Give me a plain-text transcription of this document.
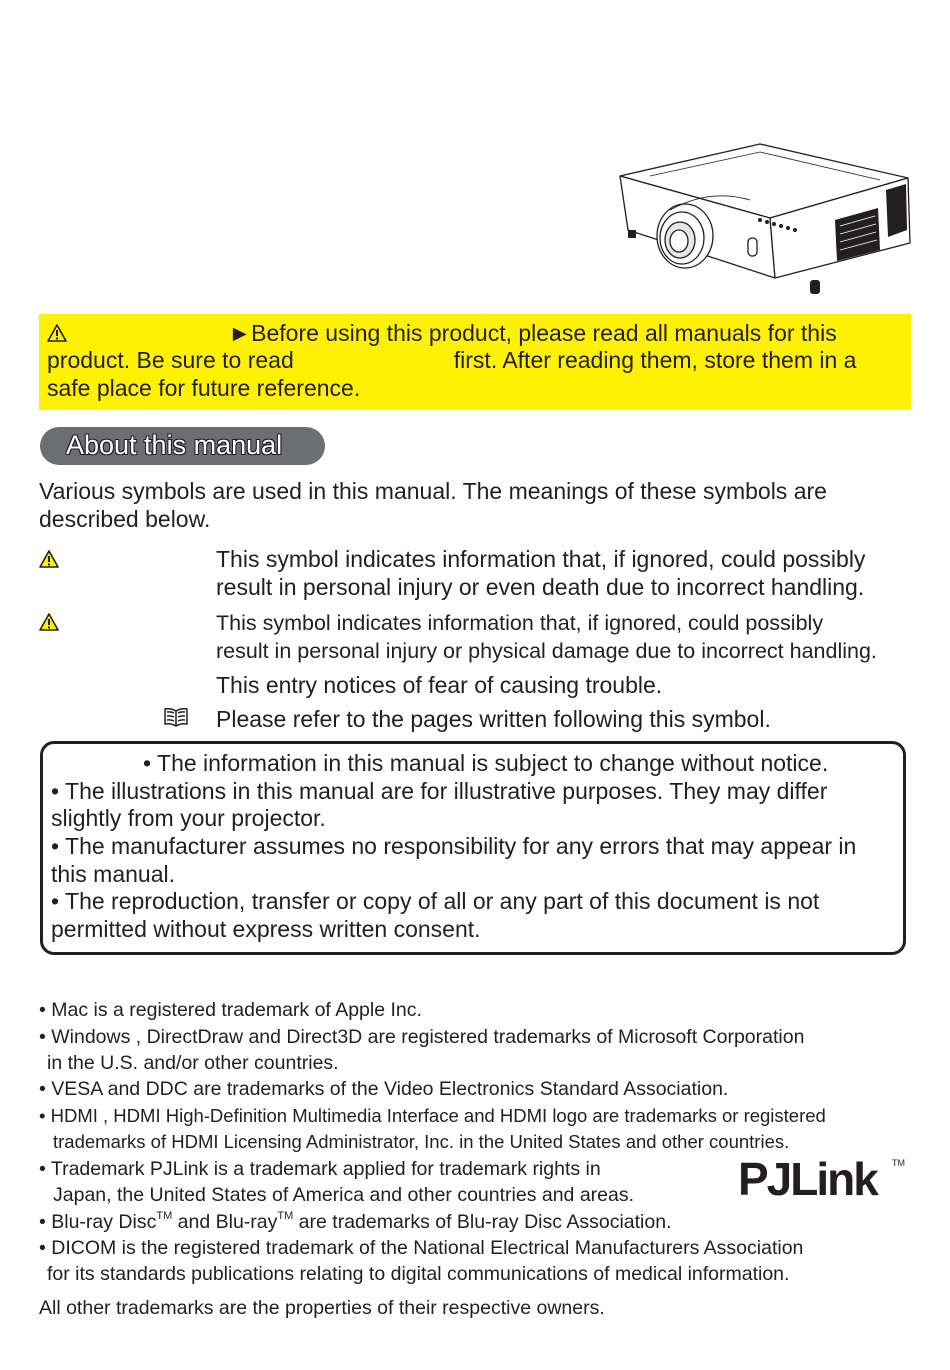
►Before using this product, please read all manuals for this
product. Be sure to read	first. After reading them, store them in a
safe place for future reference.
About this manual
Various symbols are used in this manual. The meanings of these symbols are
described below.
This symbol indicates information that, if ignored, could possibly
result in personal injury or even death due to incorrect handling.
This symbol indicates information that, if ignored, could possibly
result in personal injury or physical damage due to incorrect handling.
This entry notices of fear of causing trouble.
Please refer to the pages written following this symbol.
• The information in this manual is subject to change without notice.
• The illustrations in this manual are for illustrative purposes. They may differ
slightly from your projector.
• The manufacturer assumes no responsibility for any errors that may appear in
this manual.
• The reproduction, transfer or copy of all or any part of this document is not
permitted without express written consent.
• Mac is a registered trademark of Apple Inc.
• Windows , DirectDraw and Direct3D are registered trademarks of Microsoft Corporation
in the U.S. and/or other countries.
• VESA and DDC are trademarks of the Video Electronics Standard Association.
• HDMI , HDMI High-Definition Multimedia Interface and HDMI logo are trademarks or registered
trademarks of HDMI Licensing Administrator, Inc. in the United States and other countries.
• Trademark PJLink is a trademark applied for trademark rights in
Japan, the United States of America and other countries and areas.
• Blu-ray Disc™ and Blu-ray™ are trademarks of Blu-ray Disc Association.
• DICOM is the registered trademark of the National Electrical Manufacturers Association
for its standards publications relating to digital communications of medical information.
All other trademarks are the properties of their respective owners.
PJLink TM
